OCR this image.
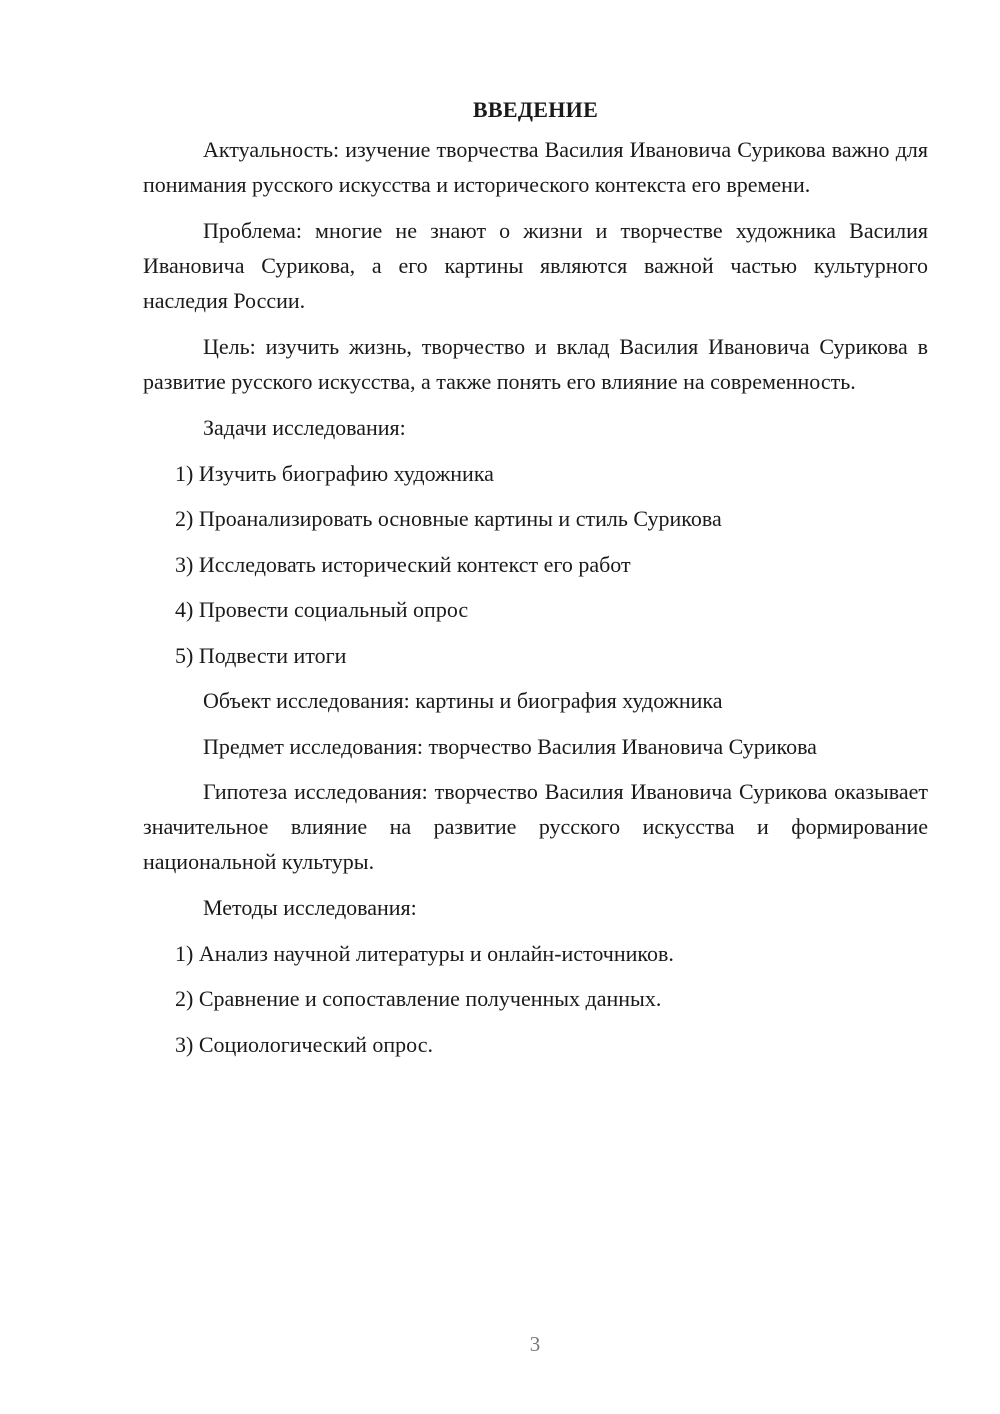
ВВЕДЕНИЕ

Актуальность: изучение творчества Василия Ивановича Сурикова важно для понимания русского искусства и исторического контекста его времени.

Проблема: многие не знают о жизни и творчестве художника Василия Ивановича Сурикова, а его картины являются важной частью культурного наследия России.

Цель: изучить жизнь, творчество и вклад Василия Ивановича Сурикова в развитие русского искусства, а также понять его влияние на современность.

Задачи исследования:
1) Изучить биографию художника
2) Проанализировать основные картины и стиль Сурикова
3) Исследовать исторический контекст его работ
4) Провести социальный опрос
5) Подвести итоги
Объект исследования: картины и биография художника
Предмет исследования: творчество Василия Ивановича Сурикова

Гипотеза исследования: творчество Василия Ивановича Сурикова оказывает значительное влияние на развитие русского искусства и формирование национальной культуры.

Методы исследования:
1) Анализ научной литературы и онлайн-источников.
2) Сравнение и сопоставление полученных данных.
3) Социологический опрос.
3
